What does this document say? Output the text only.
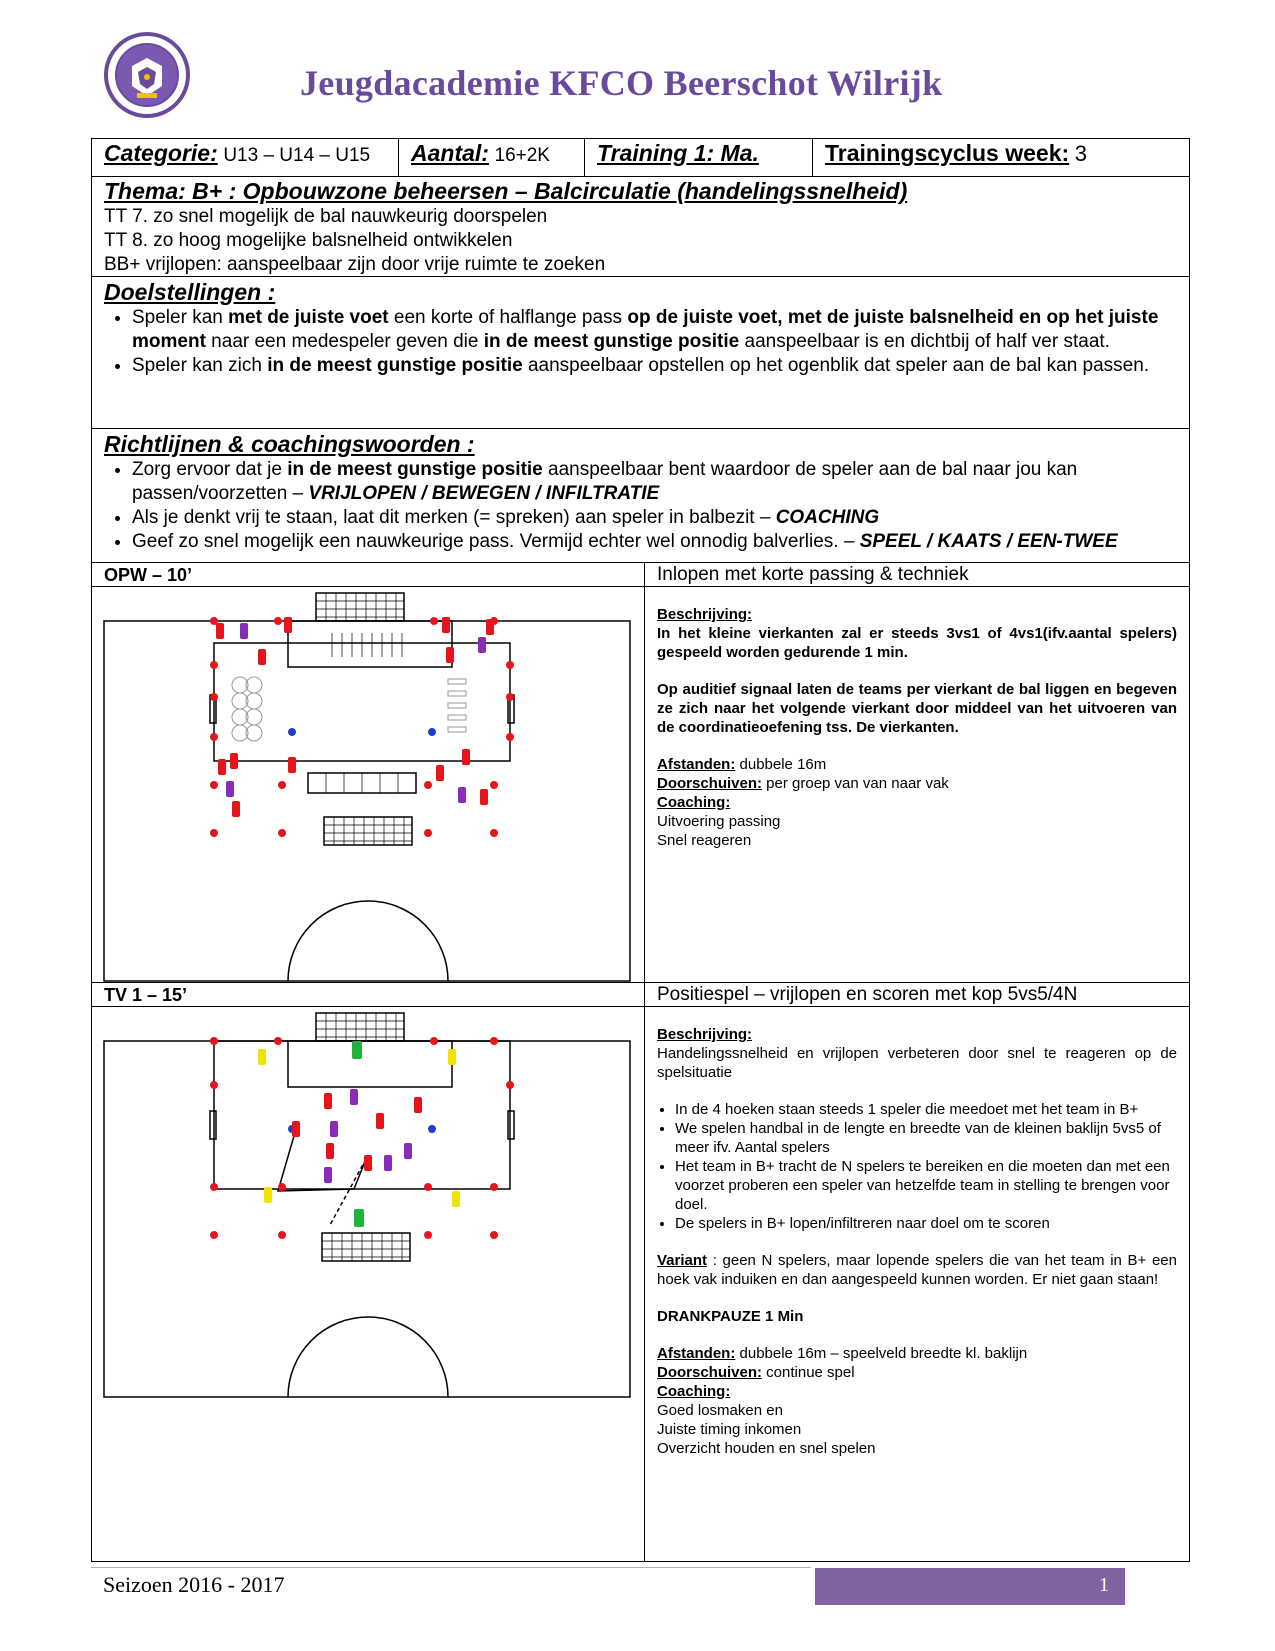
Jeugdacademie KFCO Beerschot Wilrijk
Categorie: U13 – U14 – U15	Aantal: 16+2K	Training 1: Ma.	Trainingscyclus week: 3
Thema: B+ : Opbouwzone beheersen – Balcirculatie (handelingssnelheid)
TT 7. zo snel mogelijk de bal nauwkeurig doorspelen
TT 8. zo hoog mogelijke balsnelheid ontwikkelen
BB+ vrijlopen: aanspeelbaar zijn door vrije ruimte te zoeken
Doelstellingen :
• Speler kan met de juiste voet een korte of halflange pass op de juiste voet, met de juiste balsnelheid en op het juiste moment naar een medespeler geven die in de meest gunstige positie aanspeelbaar is en dichtbij of half ver staat.
• Speler kan zich in de meest gunstige positie aanspeelbaar opstellen op het ogenblik dat speler aan de bal kan passen.
Richtlijnen & coachingswoorden :
• Zorg ervoor dat je in de meest gunstige positie aanspeelbaar bent waardoor de speler aan de bal naar jou kan passen/voorzetten – VRIJLOPEN / BEWEGEN / INFILTRATIE
• Als je denkt vrij te staan, laat dit merken (= spreken) aan speler in balbezit – COACHING
• Geef zo snel mogelijk een nauwkeurige pass. Vermijd echter wel onnodig balverlies. – SPEEL / KAATS / EEN-TWEE
OPW – 10’	Inlopen met korte passing & techniek
Beschrijving:
In het kleine vierkanten zal er steeds 3vs1 of 4vs1(ifv.aantal spelers) gespeeld worden gedurende 1 min.
Op auditief signaal laten de teams per vierkant de bal liggen en begeven ze zich naar het volgende vierkant door middeel van het uitvoeren van de coordinatieoefening tss. De vierkanten.
Afstanden: dubbele 16m
Doorschuiven: per groep van van naar vak
Coaching:
Uitvoering passing
Snel reageren
TV 1 – 15’	Positiespel – vrijlopen en scoren met kop 5vs5/4N
Beschrijving:
Handelingssnelheid en vrijlopen verbeteren door snel te reageren op de spelsituatie
• In de 4 hoeken staan steeds 1 speler die meedoet met het team in B+
• We spelen handbal in de lengte en breedte van de kleinen baklijn 5vs5 of meer ifv. Aantal spelers
• Het team in B+ tracht de N spelers te bereiken en die moeten dan met een voorzet proberen een speler van hetzelfde team in stelling te brengen voor doel.
• De spelers in B+ lopen/infiltreren naar doel om te scoren
Variant : geen N spelers, maar lopende spelers die van het team in B+ een hoek vak induiken en dan aangespeeld kunnen worden. Er niet gaan staan!
DRANKPAUZE 1 Min
Afstanden: dubbele 16m – speelveld breedte kl. baklijn
Doorschuiven: continue spel
Coaching:
Goed losmaken en
Juiste timing inkomen
Overzicht houden en snel spelen
Seizoen 2016 - 2017	1
